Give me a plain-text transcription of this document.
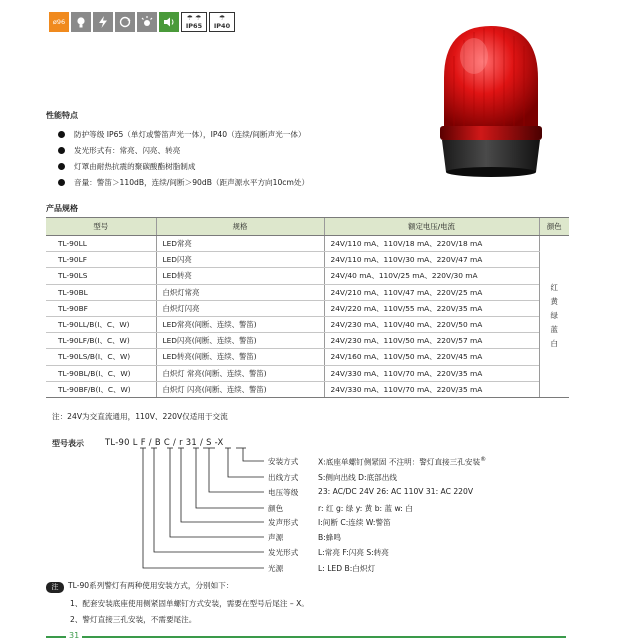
ø96	☂ ☂
IP65
☂
IP40
性能特点
防护等级 IP65（单灯或警笛声光一体），IP40（连续/间断声光一体）
发光形式有：常亮、闪亮、转亮
灯罩由耐热抗震的聚碳酸酯树脂制成
音量：警笛＞110dB，连续/间断＞90dB（距声源水平方向10cm处）
产品规格
型号	规格	额定电压/电流	颜色
TL-90LL	LED常亮	24V/110 mA、110V/18 mA、220V/18 mA	红
黄
绿
蓝
白

TL-90LF	LED闪亮	24V/110 mA、110V/30 mA、220V/47 mA	
TL-90LS	LED转亮	24V/40 mA、110V/25 mA、220V/30 mA	
TL-90BL	白炽灯常亮	24V/210 mA、110V/47 mA、220V/25 mA	
TL-90BF	白炽灯闪亮	24V/220 mA、110V/55 mA、220V/35 mA	
TL-90LL/B(I、C、W)	LED常亮(间断、连续、警笛)	24V/230 mA、110V/40 mA、220V/50 mA	
TL-90LF/B(I、C、W)	LED闪亮(间断、连续、警笛)	24V/230 mA、110V/50 mA、220V/57 mA	
TL-90LS/B(I、C、W)	LED转亮(间断、连续、警笛)	24V/160 mA、110V/50 mA、220V/45 mA	
TL-90BL/B(I、C、W)	白炽灯 常亮(间断、连续、警笛)	24V/330 mA、110V/70 mA、220V/35 mA	
TL-90BF/B(I、C、W)	白炽灯 闪亮(间断、连续、警笛)	24V/330 mA、110V/70 mA、220V/35 mA	
注：24V为交直流通用，110V、220V仅适用于交流
型号表示	TL-90 L F / B C / r 31 / S -X
安装方式	X:底座单螺钉侧紧固 不注明：警灯直接三孔安装®
出线方式	S:侧向出线 D:底部出线
电压等级	23: AC/DC 24V 26: AC 110V 31: AC 220V
颜色	r: 红 g: 绿 y: 黄 b: 蓝 w: 白
发声形式	I:间断 C:连续 W:警笛
声源	B:蜂鸣
发光形式	L:常亮 F:闪亮 S:转亮
光源	L: LED B:白炽灯
注 TL-90系列警灯有两种使用安装方式，分别如下：
1、配套安装底座使用侧紧固单螺钉方式安装，需要在型号后尾注 – X。
2、警灯直接三孔安装，不需要尾注。
31
